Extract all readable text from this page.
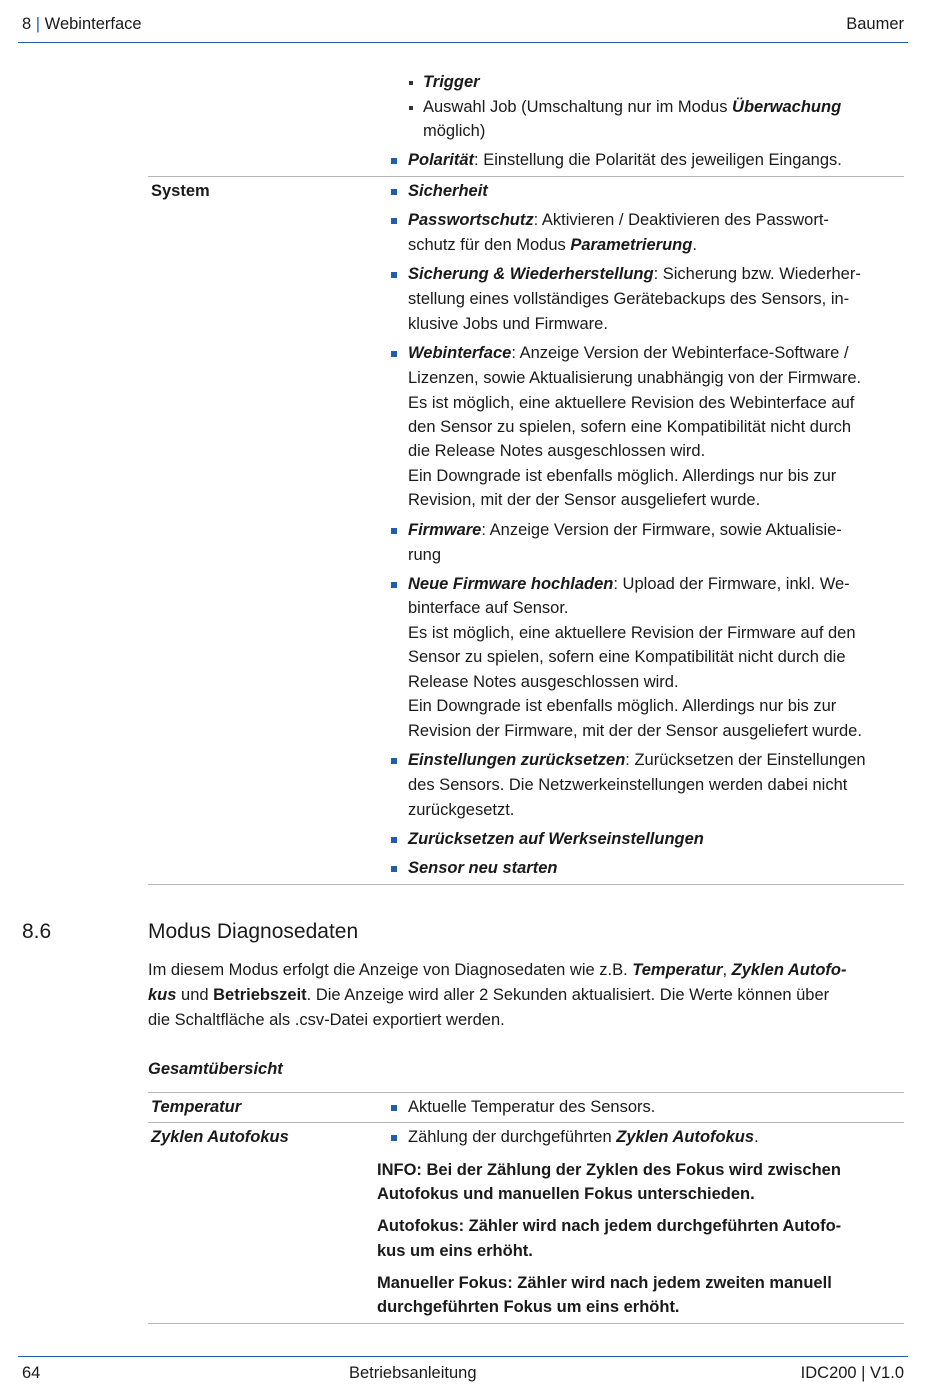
8 | Webinterface	Baumer
Trigger
Auswahl Job (Umschaltung nur im Modus Überwachung
möglich)
Polarität: Einstellung die Polarität des jeweiligen Eingangs.
System	Sicherheit
Passwortschutz: Aktivieren / Deaktivieren des Passwort-
schutz für den Modus Parametrierung.
Sicherung & Wiederherstellung: Sicherung bzw. Wiederher-
stellung eines vollständiges Gerätebackups des Sensors, in-
klusive Jobs und Firmware.
Webinterface: Anzeige Version der Webinterface-Software /
Lizenzen, sowie Aktualisierung unabhängig von der Firmware.
Es ist möglich, eine aktuellere Revision des Webinterface auf
den Sensor zu spielen, sofern eine Kompatibilität nicht durch
die Release Notes ausgeschlossen wird.
Ein Downgrade ist ebenfalls möglich. Allerdings nur bis zur
Revision, mit der der Sensor ausgeliefert wurde.
Firmware: Anzeige Version der Firmware, sowie Aktualisie-
rung
Neue Firmware hochladen: Upload der Firmware, inkl. We-
binterface auf Sensor.
Es ist möglich, eine aktuellere Revision der Firmware auf den
Sensor zu spielen, sofern eine Kompatibilität nicht durch die
Release Notes ausgeschlossen wird.
Ein Downgrade ist ebenfalls möglich. Allerdings nur bis zur
Revision der Firmware, mit der der Sensor ausgeliefert wurde.
Einstellungen zurücksetzen: Zurücksetzen der Einstellungen
des Sensors. Die Netzwerkeinstellungen werden dabei nicht
zurückgesetzt.
Zurücksetzen auf Werkseinstellungen
Sensor neu starten
8.6	Modus Diagnosedaten
Im diesem Modus erfolgt die Anzeige von Diagnosedaten wie z.B. Temperatur, Zyklen Autofo-
kus und Betriebszeit. Die Anzeige wird aller 2 Sekunden aktualisiert. Die Werte können über
die Schaltfläche als .csv-Datei exportiert werden.
Gesamtübersicht
Temperatur	Aktuelle Temperatur des Sensors.
Zyklen Autofokus	Zählung der durchgeführten Zyklen Autofokus.
INFO: Bei der Zählung der Zyklen des Fokus wird zwischen
Autofokus und manuellen Fokus unterschieden.
Autofokus: Zähler wird nach jedem durchgeführten Autofo-
kus um eins erhöht.
Manueller Fokus: Zähler wird nach jedem zweiten manuell
durchgeführten Fokus um eins erhöht.
64	Betriebsanleitung	IDC200 | V1.0
